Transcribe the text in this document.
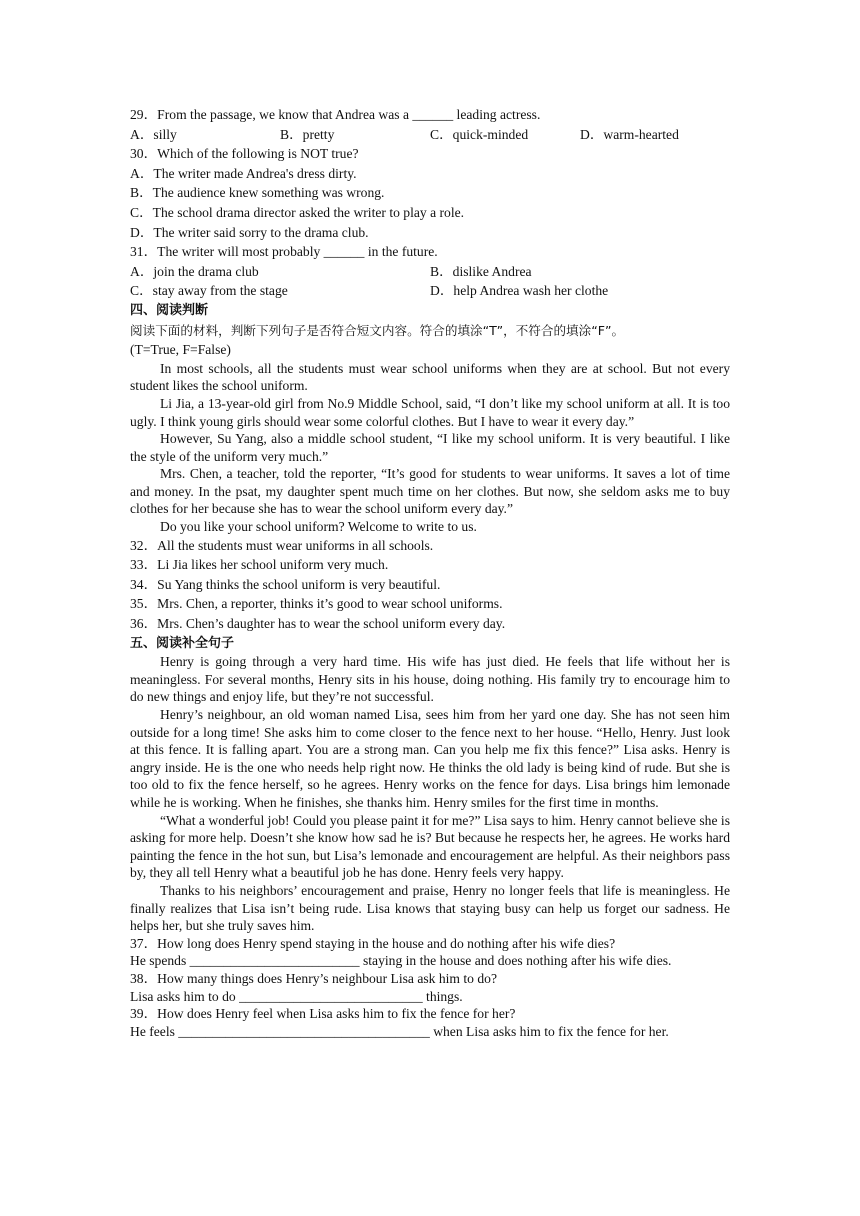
29．From the passage, we know that Andrea was a ______ leading actress.
A．silly	B．pretty	C．quick-minded	D．warm-hearted
30．Which of the following is NOT true?
A．The writer made Andrea's dress dirty.
B．The audience knew something was wrong.
C．The school drama director asked the writer to play a role.
D．The writer said sorry to the drama club.
31．The writer will most probably ______ in the future.
A．join the drama club	B．dislike Andrea
C．stay away from the stage	D．help Andrea wash her clothe
四、阅读判断
阅读下面的材料，判断下列句子是否符合短文内容。符合的填涂“T”，不符合的填涂“F”。
(T=True, F=False)

In most schools, all the students must wear school uniforms when they are at school. But not every student likes the school uniform.

Li Jia, a 13-year-old girl from No.9 Middle School, said, “I don’t like my school uniform at all. It is too ugly. I think young girls should wear some colorful clothes. But I have to wear it every day.”

However, Su Yang, also a middle school student, “I like my school uniform. It is very beautiful. I like the style of the uniform very much.”

Mrs. Chen, a teacher, told the reporter, “It’s good for students to wear uniforms. It saves a lot of time and money. In the psat, my daughter spent much time on her clothes. But now, she seldom asks me to buy clothes for her because she has to wear the school uniform every day.”

Do you like your school uniform? Welcome to write to us.

32．All the students must wear uniforms in all schools.
33．Li Jia likes her school uniform very much.
34．Su Yang thinks the school uniform is very beautiful.
35．Mrs. Chen, a reporter, thinks it’s good to wear school uniforms.
36．Mrs. Chen’s daughter has to wear the school uniform every day.
五、阅读补全句子

Henry is going through a very hard time. His wife has just died. He feels that life without her is meaningless. For several months, Henry sits in his house, doing nothing. His family try to encourage him to do new things and enjoy life, but they’re not successful.

Henry’s neighbour, an old woman named Lisa, sees him from her yard one day. She has not seen him outside for a long time! She asks him to come closer to the fence next to her house. “Hello, Henry. Just look at this fence. It is falling apart. You are a strong man. Can you help me fix this fence?” Lisa asks. Henry is angry inside. He is the one who needs help right now. He thinks the old lady is being kind of rude. But she is too old to fix the fence herself, so he agrees. Henry works on the fence for days. Lisa brings him lemonade while he is working. When he finishes, she thanks him. Henry smiles for the first time in months.

“What a wonderful job! Could you please paint it for me?” Lisa says to him. Henry cannot believe she is asking for more help. Doesn’t she know how sad he is? But because he respects her, he agrees. He works hard painting the fence in the hot sun, but Lisa’s lemonade and encouragement are helpful. As their neighbors pass by, they all tell Henry what a beautiful job he has done. Henry feels very happy.

Thanks to his neighbors’ encouragement and praise, Henry no longer feels that life is meaningless. He finally realizes that Lisa isn’t being rude. Lisa knows that staying busy can help us forget our sadness. He helps her, but she truly saves him.

37．How long does Henry spend staying in the house and do nothing after his wife dies?
He spends _________________________ staying in the house and does nothing after his wife dies.
38．How many things does Henry’s neighbour Lisa ask him to do?
Lisa asks him to do ___________________________ things.
39．How does Henry feel when Lisa asks him to fix the fence for her?
He feels _____________________________________ when Lisa asks him to fix the fence for her.
